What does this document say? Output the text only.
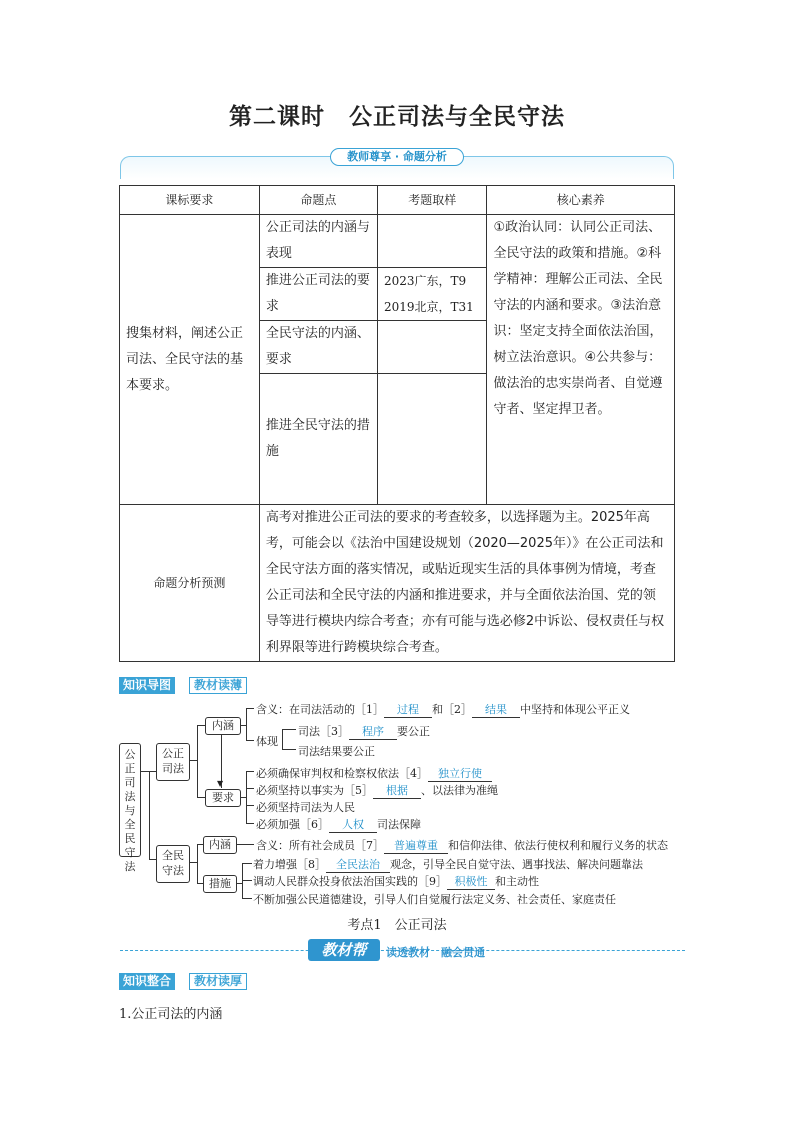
第二课时　公正司法与全民守法
教师尊享 · 命题分析
课标要求	命题点	考题取样	核心素养
搜集材料，阐述公正司法、全民守法的基本要求。	公正司法的内涵与表现		①政治认同：认同公正司法、全民守法的政策和措施。②科学精神：理解公正司法、全民守法的内涵和要求。③法治意识：坚定支持全面依法治国，树立法治意识。④公共参与：做法治的忠实崇尚者、自觉遵守者、坚定捍卫者。
	推进公正司法的要求	2023广东，T9
2019北京，T31	

	全民守法的内涵、要求		
	推进全民守法的措施		
命题分析预测	高考对推进公正司法的要求的考查较多，以选择题为主。2025年高考，可能会以《法治中国建设规划（2020—2025年）》在公正司法和全民守法方面的落实情况，或贴近现实生活的具体事例为情境，考查公正司法和全民守法的内涵和推进要求，并与全面依法治国、党的领导等进行模块内综合考查；亦有可能与选必修2中诉讼、侵权责任与权利界限等进行跨模块综合考查。		
知识导图	教材读薄
公正司法与全民守法
公正司法
全民守法
内涵
要求
▼
含义：在司法活动的［1］ 过程 和［2］ 结果 中坚持和体现公平正义
体现
司法［3］ 程序 要公正
司法结果要公正
必须确保审判权和检察权依法［4］ 独立行使
必须坚持以事实为［5］ 根据 、以法律为准绳
必须坚持司法为人民
必须加强［6］ 人权 司法保障
内涵
措施
含义：所有社会成员［7］ 普遍尊重 和信仰法律、依法行使权利和履行义务的状态
着力增强［8］ 全民法治 观念，引导全民自觉守法、遇事找法、解决问题靠法
调动人民群众投身依法治国实践的［9］ 积极性 和主动性
不断加强公民道德建设，引导人们自觉履行法定义务、社会责任、家庭责任
考点1　公正司法
教材帮	读透教材　融会贯通
知识整合	教材读厚
1.公正司法的内涵
